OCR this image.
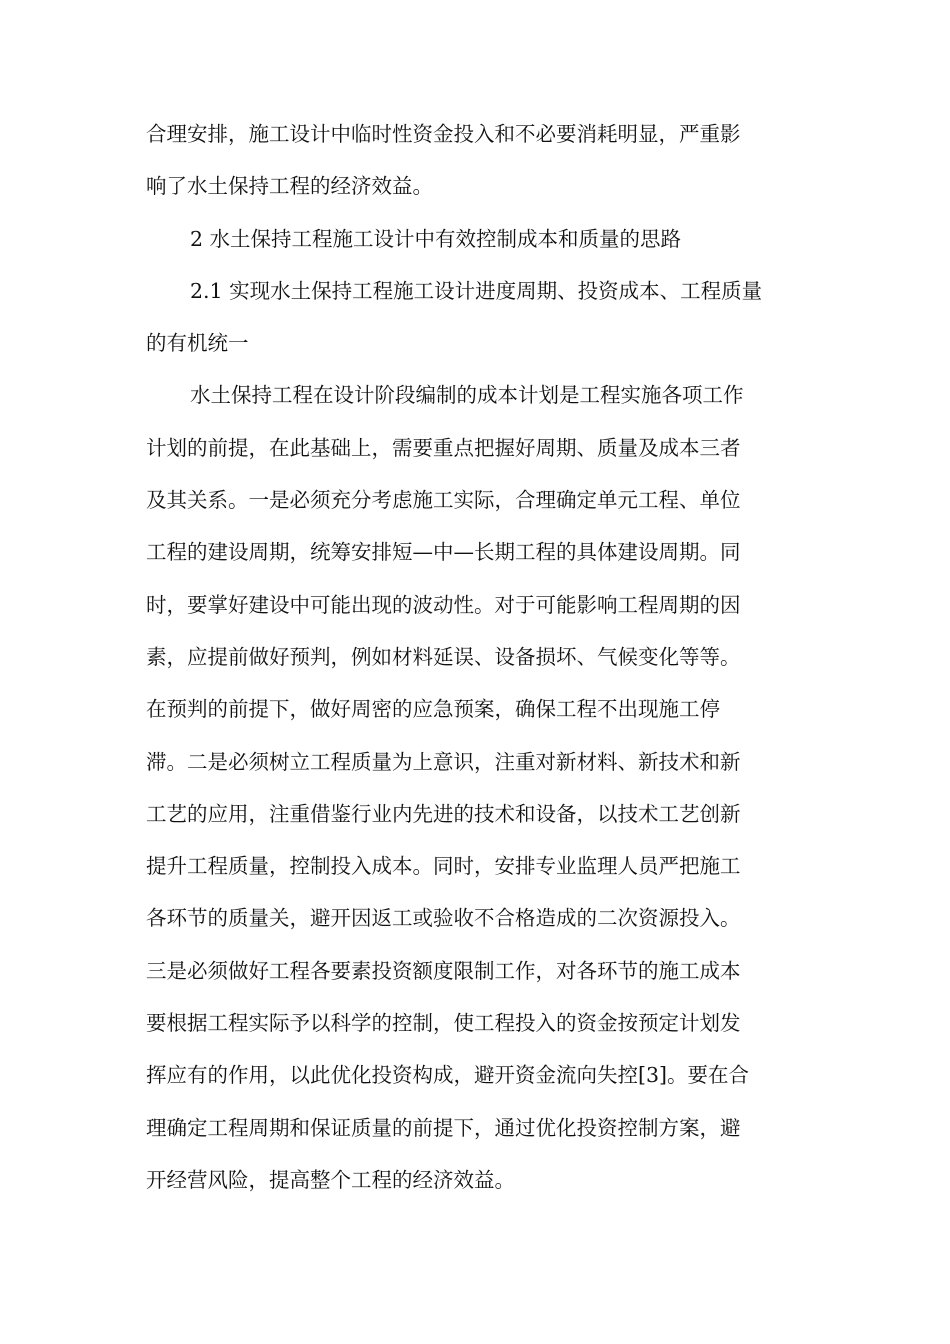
合理安排，施工设计中临时性资金投入和不必要消耗明显，严重影
响了水土保持工程的经济效益。

2 水土保持工程施工设计中有效控制成本和质量的思路

2.1 实现水土保持工程施工设计进度周期、投资成本、工程质量
的有机统一

水土保持工程在设计阶段编制的成本计划是工程实施各项工作
计划的前提，在此基础上，需要重点把握好周期、质量及成本三者
及其关系。一是必须充分考虑施工实际，合理确定单元工程、单位
工程的建设周期，统筹安排短—中—长期工程的具体建设周期。同
时，要掌好建设中可能出现的波动性。对于可能影响工程周期的因
素，应提前做好预判，例如材料延误、设备损坏、气候变化等等。
在预判的前提下，做好周密的应急预案，确保工程不出现施工停
滞。二是必须树立工程质量为上意识，注重对新材料、新技术和新
工艺的应用，注重借鉴行业内先进的技术和设备，以技术工艺创新
提升工程质量，控制投入成本。同时，安排专业监理人员严把施工
各环节的质量关，避开因返工或验收不合格造成的二次资源投入。
三是必须做好工程各要素投资额度限制工作，对各环节的施工成本
要根据工程实际予以科学的控制，使工程投入的资金按预定计划发
挥应有的作用，以此优化投资构成，避开资金流向失控[3]。要在合
理确定工程周期和保证质量的前提下，通过优化投资控制方案，避
开经营风险，提高整个工程的经济效益。
